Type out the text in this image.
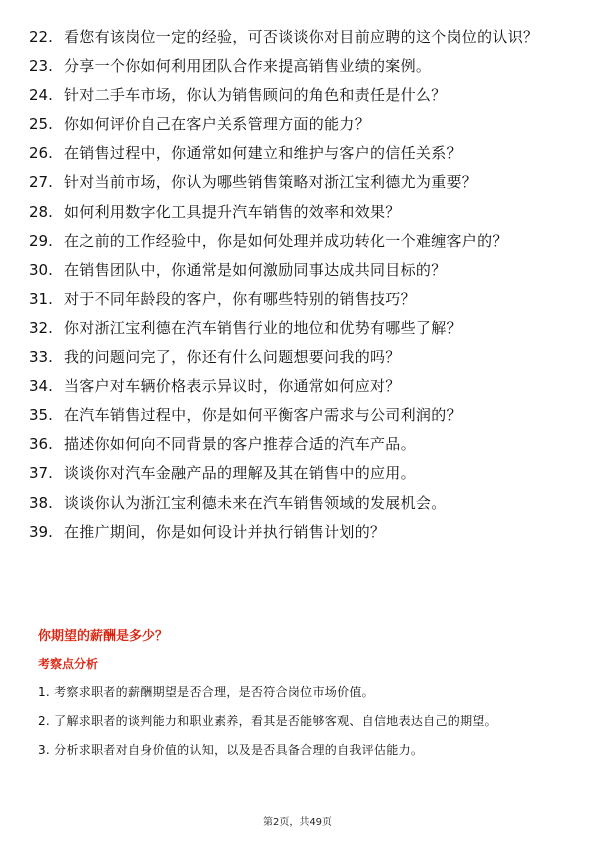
22. 看您有该岗位一定的经验，可否谈谈你对目前应聘的这个岗位的认识？
23. 分享一个你如何利用团队合作来提高销售业绩的案例。
24. 针对二手车市场，你认为销售顾问的角色和责任是什么？
25. 你如何评价自己在客户关系管理方面的能力？
26. 在销售过程中，你通常如何建立和维护与客户的信任关系？
27. 针对当前市场，你认为哪些销售策略对浙江宝利德尤为重要？
28. 如何利用数字化工具提升汽车销售的效率和效果？
29. 在之前的工作经验中，你是如何处理并成功转化一个难缠客户的？
30. 在销售团队中，你通常是如何激励同事达成共同目标的？
31. 对于不同年龄段的客户，你有哪些特别的销售技巧？
32. 你对浙江宝利德在汽车销售行业的地位和优势有哪些了解？
33. 我的问题问完了，你还有什么问题想要问我的吗？
34. 当客户对车辆价格表示异议时，你通常如何应对？
35. 在汽车销售过程中，你是如何平衡客户需求与公司利润的？
36. 描述你如何向不同背景的客户推荐合适的汽车产品。
37. 谈谈你对汽车金融产品的理解及其在销售中的应用。
38. 谈谈你认为浙江宝利德未来在汽车销售领域的发展机会。
39. 在推广期间，你是如何设计并执行销售计划的？
你期望的薪酬是多少？
考察点分析
1. 考察求职者的薪酬期望是否合理，是否符合岗位市场价值。
2. 了解求职者的谈判能力和职业素养，看其是否能够客观、自信地表达自己的期望。
3. 分析求职者对自身价值的认知，以及是否具备合理的自我评估能力。
第2页，共49页
